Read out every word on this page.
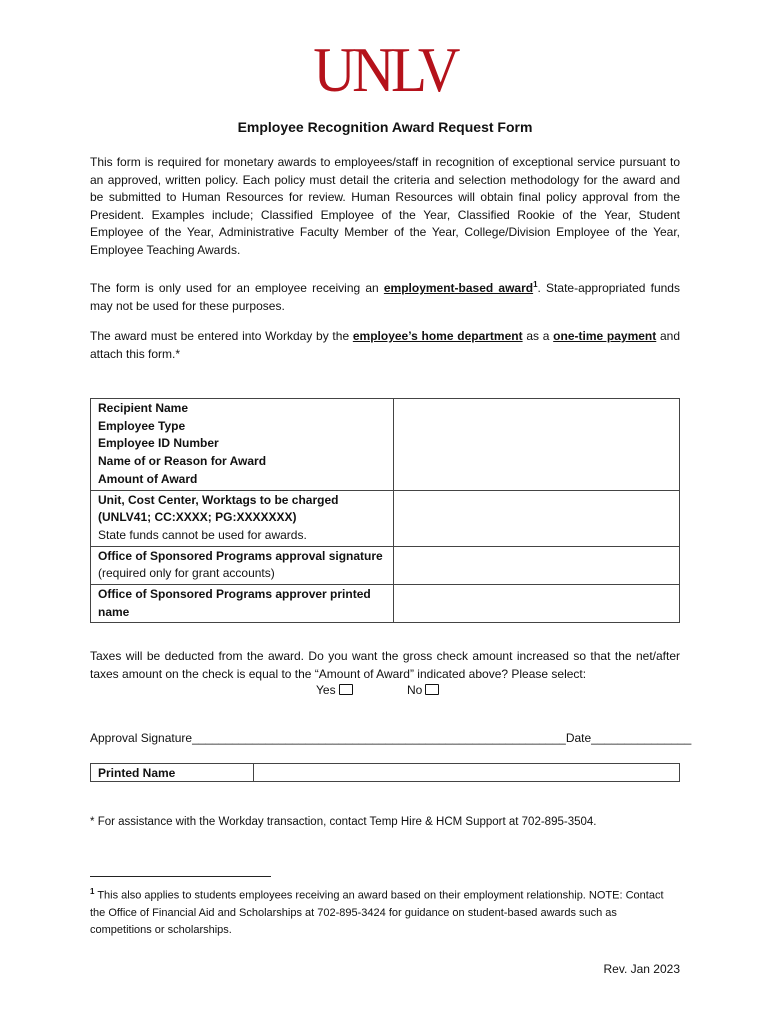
UNLV
Employee Recognition Award Request Form
This form is required for monetary awards to employees/staff in recognition of exceptional service pursuant to an approved, written policy. Each policy must detail the criteria and selection methodology for the award and be submitted to Human Resources for review. Human Resources will obtain final policy approval from the President. Examples include; Classified Employee of the Year, Classified Rookie of the Year, Student Employee of the Year, Administrative Faculty Member of the Year, College/Division Employee of the Year, Employee Teaching Awards.
The form is only used for an employee receiving an employment-based award$^1$. State-appropriated funds may not be used for these purposes.
The award must be entered into Workday by the employee’s home department as a one-time payment and attach this form.*
Recipient Name
Employee Type
Employee ID Number
Name of or Reason for Award
Amount of Award	

Unit, Cost Center, Worktags to be charged
(UNLV41; CC:XXXX; PG:XXXXXXX)
State funds cannot be used for awards.	

Office of Sponsored Programs approval signature
(required only for grant accounts)	

Office of Sponsored Programs approver printed name	

Taxes will be deducted from the award. Do you want the gross check amount increased so that the net/after taxes amount on the check is equal to the “Amount of Award” indicated above? Please select:
Yes	No
Approval Signature________________________________________________________Date_______________
Printed Name	
* For assistance with the Workday transaction, contact Temp Hire & HCM Support at 702-895-3504.
$^1$ This also applies to students employees receiving an award based on their employment relationship. NOTE: Contact the Office of Financial Aid and Scholarships at 702-895-3424 for guidance on student-based awards such as competitions or scholarships.
Rev. Jan 2023
